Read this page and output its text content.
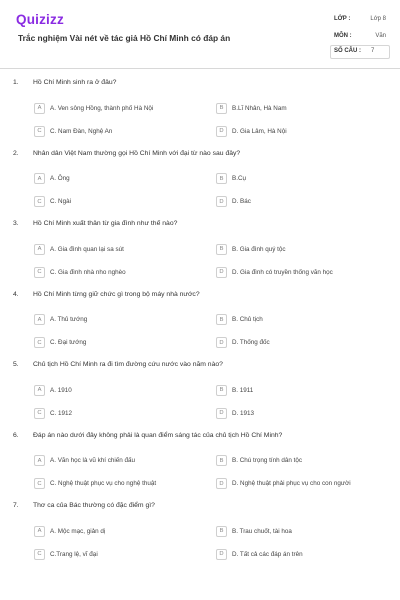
Quizizz
Trắc nghiệm Vài nét về tác giả Hồ Chí Minh có đáp án
LỚP :	Lớp 8
MÔN :	Văn
SỐ CÂU : 7
1. Hồ Chí Minh sinh ra ở đâu?
A	A. Ven sông Hồng, thành phố Hà Nội	B	B.Lĩ Nhân, Hà Nam
C	C. Nam Đàn, Nghệ An	D	D. Gia Lâm, Hà Nội
2. Nhân dân Việt Nam thường gọi Hồ Chí Minh với đại từ nào sau đây?
A	A. Ông	B	B.Cụ
C	C. Ngài	D	D. Bác
3. Hồ Chí Minh xuất thân từ gia đình như thế nào?
A	A. Gia đình quan lại sa sút	B	B. Gia đình quý tộc
C	C. Gia đình nhà nho nghèo	D	D. Gia đình có truyền thống văn học
4. Hồ Chí Minh từng giữ chức gì trong bộ máy nhà nước?
A	A. Thủ tướng	B	B. Chủ tịch
C	C. Đại tướng	D	D. Thống đốc
5. Chủ tịch Hồ Chí Minh ra đi tìm đường cứu nước vào năm nào?
A	A. 1910	B	B. 1911
C	C. 1912	D	D. 1913
6. Đáp án nào dưới đây không phải là quan điểm sáng tác của chủ tịch Hồ Chí Minh?
A	A. Văn học là vũ khí chiến đấu	B	B. Chú trọng tính dân tộc
C	C. Nghệ thuật phục vụ cho nghệ thuật	D	D. Nghệ thuật phải phục vụ cho con người
7. Thơ ca của Bác thường có đặc điểm gì?
A	A. Mộc mạc, giản dị	B	B. Trau chuốt, tài hoa
C	C.Trang lệ, vĩ đại	D	D. Tất cả các đáp án trên
